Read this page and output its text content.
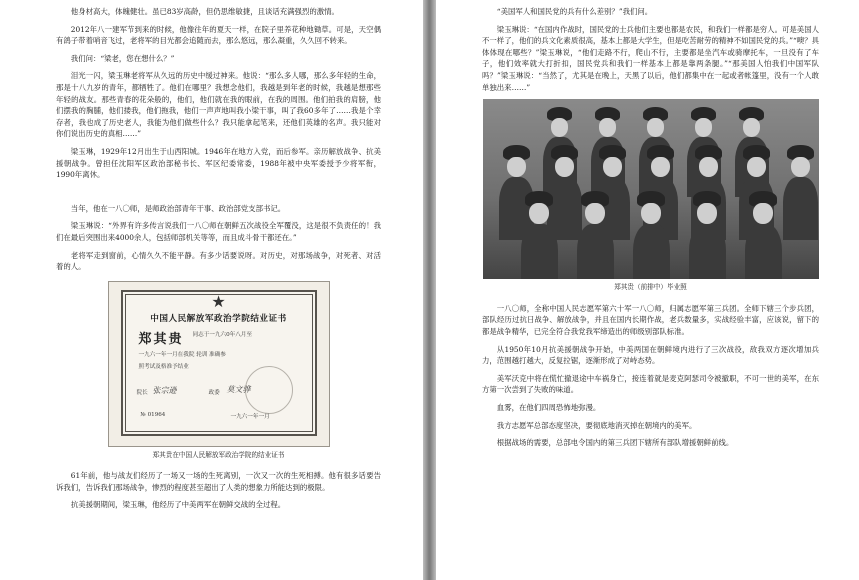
他身材高大，体魄健壮。虽已83岁高龄，但仍思维敏捷，且谈话充满强烈的激情。

2012年八一建军节到来的时候，他像往年的夏天一样，在院子里养花种地锄草。可是，天空偶有鸽子带着哨音飞过，老将军的目光都会追随而去，那么悠远，那么凝重，久久回不转来。

我们问：“梁老，您在想什么？”

泪光一闪，梁玉琳老将军从久远的历史中缓过神来。他说：“那么多人哪，那么多年轻的生命，那是十八九岁的青年，都牺牲了。他们在哪里？我想念他们，我越是到年老的时候，我越是想那些年轻的战友。那些青春的花朵般的，他们，他们就在我的眼前，在我的周围。他们拍我的肩膀，他们摆我的胸脯，他们搂我，他们拖我，他们一声声地叫我小梁干事，叫了我60多年了……我是个幸存者，我也成了历史老人，我能为他们做些什么？我只能拿起笔来，还他们英雄的名声。我只能对你们说出历史的真相……”

梁玉琳，1929年12月出生于山西阳城。1946年在地方入党，而后参军。亲历解放战争、抗美援朝战争。曾担任沈阳军区政治部秘书长、军区纪委常委，1988年被中央军委授予少将军衔，1990年离休。

当年，他在一八〇师，是师政治部青年干事、政治部党支部书记。

梁玉琳说：“外界有许多传言说我们一八〇师在朝鲜五次战役全军覆没，这是很不负责任的！我们在最后突围出来4000余人，包括师部机关等等，而且成斗骨干都还在。”

老将军走到窗前，心情久久不能平静。有多少话要说呀。对历史，对那场战争，对死者、对活着的人。

★
中国人民解放军政治学院结业证书
郑其贵 同志于一九六0年八月至
一九六一年一月在我院 轮训 准确参
照考试及格准予结业
院长 张宗逊	政委 莫文骅
№ 01964	一九六一年一月

郑其贵在中国人民解放军政治学院的结业证书

61年前，他与战友们经历了一场又一场的生死离别，一次又一次的生死相搏。他有很多话要告诉我们，告诉我们那场战争，惨烈的程度甚至超出了人类的想象力所能达到的极限。

抗美援朝期间，梁玉琳，他经历了中美两军在朝鲜交战的全过程。

“美国军人和国民党的兵有什么差别？”我们问。

梁玉琳说：“在国内作战时，国民党的士兵他们主要也都是农民，和我们一样都是穷人。可是美国人不一样了，他们的兵文化素质很高，基本上都是大学生，但是吃苦耐劳的精神不如国民党的兵。”“噢？具体体现在哪些？”梁玉琳说，“他们走路不行，爬山不行，主要都是坐汽车或骑摩托车，一旦没有了车子，他们效率就大打折扣，国民党兵和我们一样基本上都是靠两条腿。”“那美国人怕我们中国军队吗？”梁玉琳说：“当然了，尤其是在晚上，天黑了以后，他们都集中在一起或者帐篷里，没有一个人敢单独出来……”

郑其贵（前排中）毕业照

一八〇师，全称中国人民志愿军第六十军一八〇师，归属志愿军第三兵团。全师下辖三个步兵团，部队经历过抗日战争、解放战争，并且在国内长期作战，老兵数量多，实战经验丰富，应该说，留下的都是战争精华，已完全符合我党我军缔造出的师级别部队标准。

从1950年10月抗美援朝战争开始，中美两国在朝鲜境内进行了三次战役，敌我双方逐次增加兵力，范围越打越大，反复拉锯，逐渐形成了对峙态势。

美军沃克中将在慌忙撤退途中车祸身亡，接连着就是麦克阿瑟司令被撤职，不可一世的美军，在东方第一次尝到了失败的味道。

血雾，在他们四周恐怖地弥漫。

我方志愿军总部态度坚决，要彻底地消灭掉在朝境内的美军。

根据战场的需要，总部电令国内的第三兵团下辖所有部队增援朝鲜前线。
